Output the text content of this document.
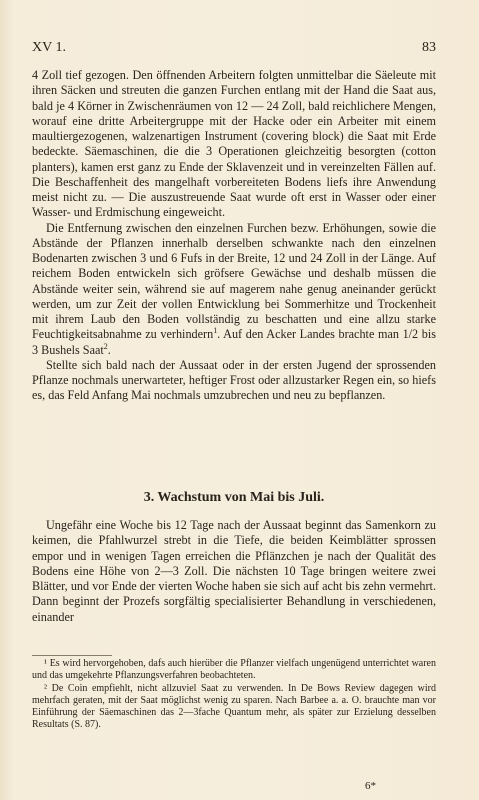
XV 1.	83

4 Zoll tief gezogen. Den öffnenden Arbeitern folgten unmittelbar die Säeleute mit ihren Säcken und streuten die ganzen Furchen entlang mit der Hand die Saat aus, bald je 4 Körner in Zwischenräumen von 12 — 24 Zoll, bald reichlichere Mengen, worauf eine dritte Arbeitergruppe mit der Hacke oder ein Arbeiter mit einem maultiergezogenen, walzenartigen Instrument (covering block) die Saat mit Erde bedeckte. Säemaschinen, die die 3 Operationen gleichzeitig besorgten (cotton planters), kamen erst ganz zu Ende der Sklavenzeit und in vereinzelten Fällen auf. Die Beschaffenheit des mangelhaft vorbereiteten Bodens liefs ihre Anwendung meist nicht zu. — Die auszustreuende Saat wurde oft erst in Wasser oder einer Wasser- und Erdmischung eingeweicht.

Die Entfernung zwischen den einzelnen Furchen bezw. Erhöhungen, sowie die Abstände der Pflanzen innerhalb derselben schwankte nach den einzelnen Bodenarten zwischen 3 und 6 Fufs in der Breite, 12 und 24 Zoll in der Länge. Auf reichem Boden entwickeln sich gröfsere Gewächse und deshalb müssen die Abstände weiter sein, während sie auf magerem nahe genug aneinander gerückt werden, um zur Zeit der vollen Entwicklung bei Sommerhitze und Trockenheit mit ihrem Laub den Boden vollständig zu beschatten und eine allzu starke Feuchtigkeitsabnahme zu verhindern$^1$. Auf den Acker Landes brachte man 1/2 bis 3 Bushels Saat$^2$.

Stellte sich bald nach der Aussaat oder in der ersten Jugend der sprossenden Pflanze nochmals unerwarteter, heftiger Frost oder allzustarker Regen ein, so hiefs es, das Feld Anfang Mai nochmals umzubrechen und neu zu bepflanzen.

3. Wachstum von Mai bis Juli.

Ungefähr eine Woche bis 12 Tage nach der Aussaat beginnt das Samenkorn zu keimen, die Pfahlwurzel strebt in die Tiefe, die beiden Keimblätter sprossen empor und in wenigen Tagen erreichen die Pflänzchen je nach der Qualität des Bodens eine Höhe von 2—3 Zoll. Die nächsten 10 Tage bringen weitere zwei Blätter, und vor Ende der vierten Woche haben sie sich auf acht bis zehn vermehrt. Dann beginnt der Prozefs sorgfältig specialisierter Behandlung in verschiedenen, einander

¹ Es wird hervorgehoben, dafs auch hierüber die Pflanzer vielfach ungenügend unterrichtet waren und das umgekehrte Pflanzungsverfahren beobachteten.

² De Coin empfiehlt, nicht allzuviel Saat zu verwenden. In De Bows Review dagegen wird mehrfach geraten, mit der Saat möglichst wenig zu sparen. Nach Barbee a. a. O. brauchte man vor Einführung der Säemaschinen das 2—3fache Quantum mehr, als später zur Erzielung desselben Resultats (S. 87).

6*
